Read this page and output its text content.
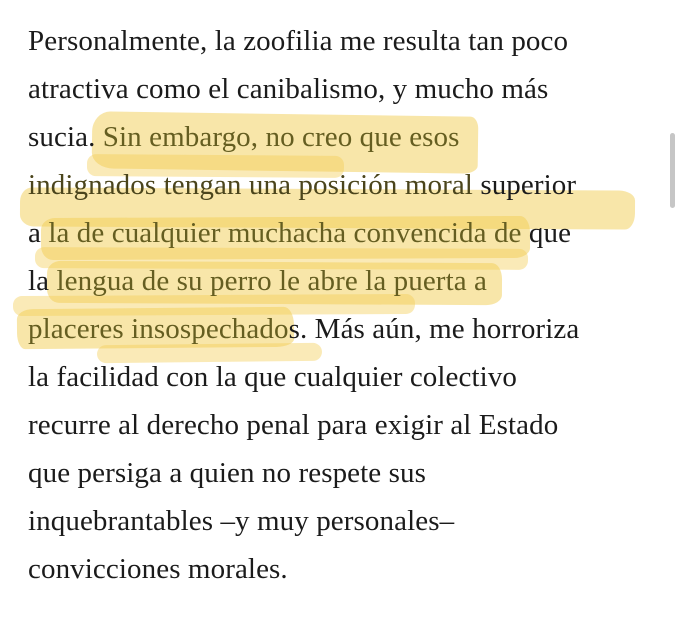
Personalmente, la zoofilia me resulta tan poco
atractiva como el canibalismo, y mucho más
sucia. Sin embargo, no creo que esos
indignados tengan una posición moral superior
a la de cualquier muchacha convencida de que
la lengua de su perro le abre la puerta a
placeres insospechados. Más aún, me horroriza
la facilidad con la que cualquier colectivo
recurre al derecho penal para exigir al Estado
que persiga a quien no respete sus
inquebrantables –y muy personales–
convicciones morales.
